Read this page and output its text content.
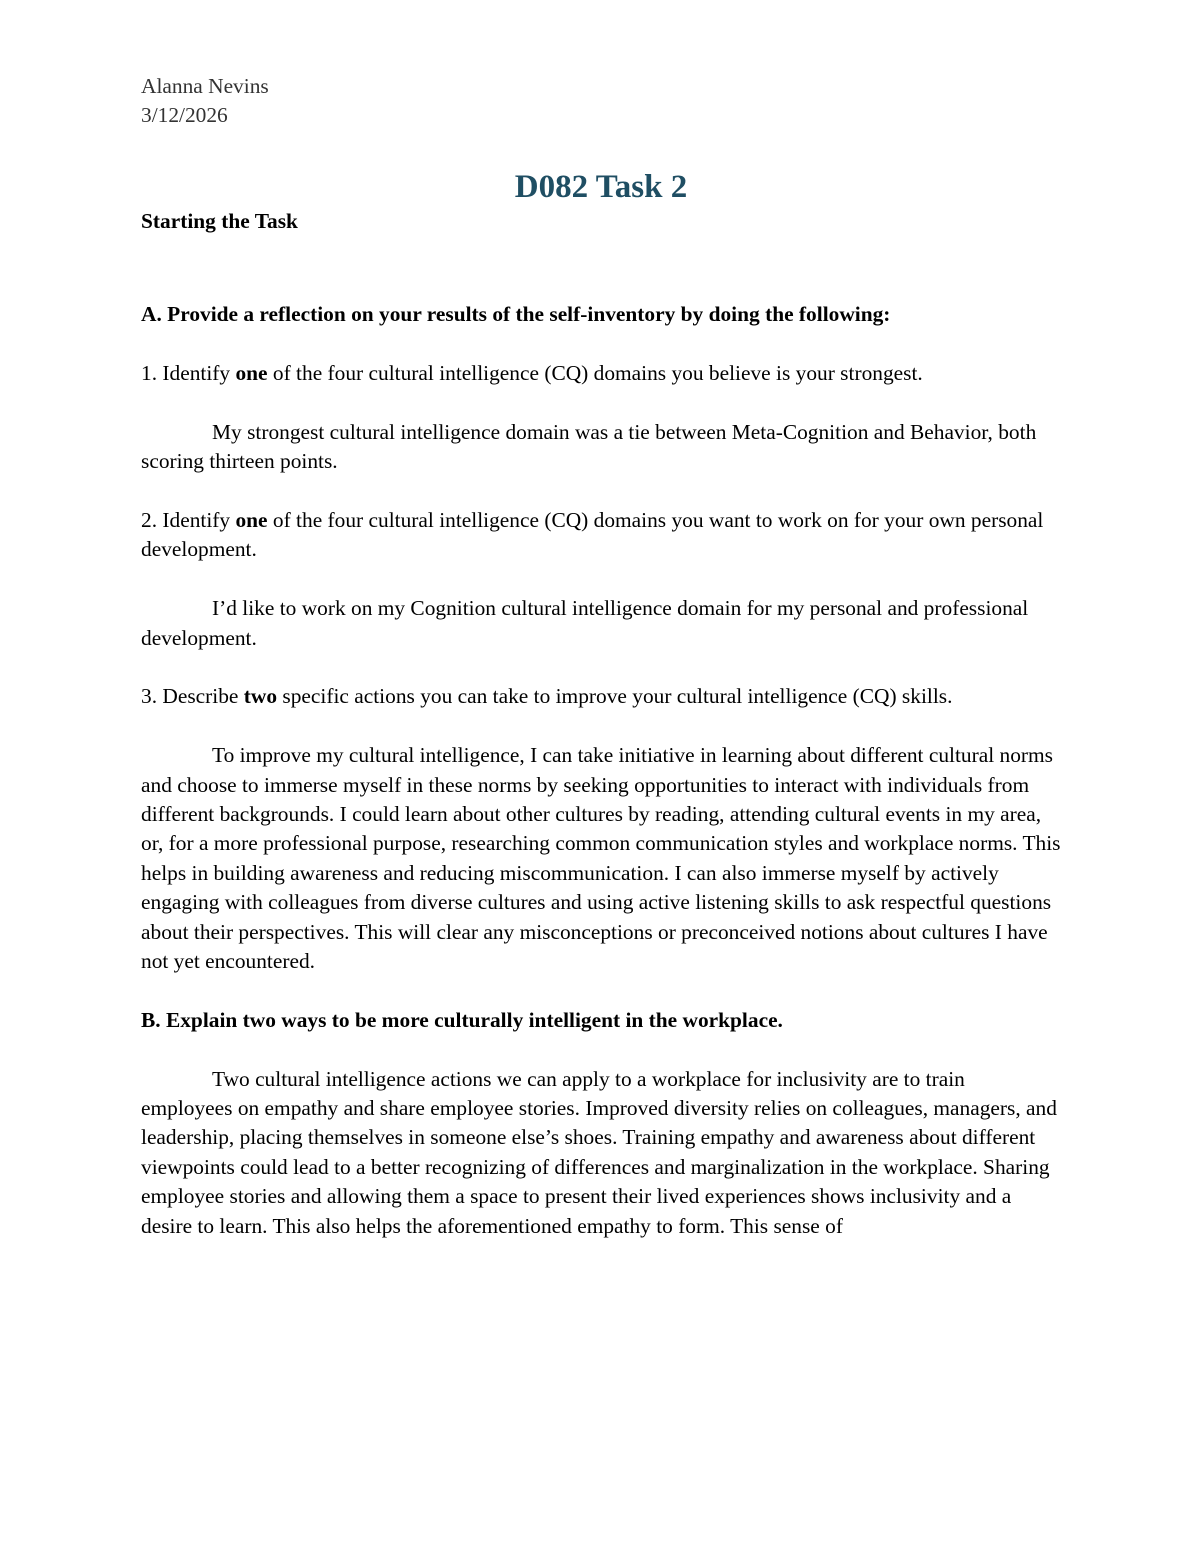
Alanna Nevins
3/12/2026
D082 Task 2

Starting the Task

A. Provide a reflection on your results of the self-inventory by doing the following:

1. Identify one of the four cultural intelligence (CQ) domains you believe is your strongest.

My strongest cultural intelligence domain was a tie between Meta-Cognition and Behavior, both scoring thirteen points.

2. Identify one of the four cultural intelligence (CQ) domains you want to work on for your own personal development.

I’d like to work on my Cognition cultural intelligence domain for my personal and professional development.

3. Describe two specific actions you can take to improve your cultural intelligence (CQ) skills.

To improve my cultural intelligence, I can take initiative in learning about different cultural norms and choose to immerse myself in these norms by seeking opportunities to interact with individuals from different backgrounds. I could learn about other cultures by reading, attending cultural events in my area, or, for a more professional purpose, researching common communication styles and workplace norms. This helps in building awareness and reducing miscommunication. I can also immerse myself by actively engaging with colleagues from diverse cultures and using active listening skills to ask respectful questions about their perspectives. This will clear any misconceptions or preconceived notions about cultures I have not yet encountered.

B. Explain two ways to be more culturally intelligent in the workplace.

Two cultural intelligence actions we can apply to a workplace for inclusivity are to train employees on empathy and share employee stories. Improved diversity relies on colleagues, managers, and leadership, placing themselves in someone else’s shoes. Training empathy and awareness about different viewpoints could lead to a better recognizing of differences and marginalization in the workplace. Sharing employee stories and allowing them a space to present their lived experiences shows inclusivity and a desire to learn. This also helps the aforementioned empathy to form. This sense of
